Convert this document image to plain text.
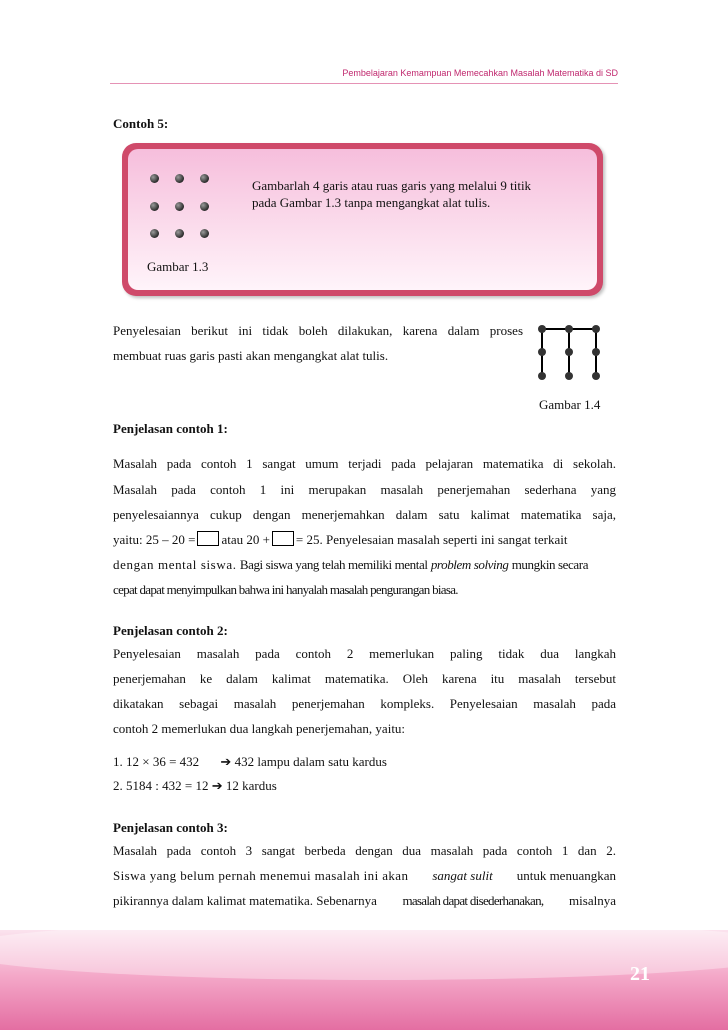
Pembelajaran Kemampuan Memecahkan Masalah Matematika di SD
Contoh 5:
Gambarlah 4 garis atau ruas garis yang melalui 9 titik
pada Gambar 1.3 tanpa mengangkat alat tulis.
Gambar 1.3
Penyelesaian berikut ini tidak boleh dilakukan, karena dalam proses
membuat ruas garis pasti akan mengangkat alat tulis.
Gambar 1.4
Penjelasan contoh 1:
Masalah pada contoh 1 sangat umum terjadi pada pelajaran matematika di sekolah.
Masalah pada contoh 1 ini merupakan masalah penerjemahan sederhana yang
penyelesaiannya cukup dengan menerjemahkan dalam satu kalimat matematika saja,
yaitu: 25 – 20 = atau 20 + = 25. Penyelesaian masalah seperti ini sangat terkait
dengan mental siswa. Bagi siswa yang telah memiliki mental problem solving mungkin secara
cepat dapat menyimpulkan bahwa ini hanyalah masalah pengurangan biasa.
Penjelasan contoh 2:
Penyelesaian masalah pada contoh 2 memerlukan paling tidak dua langkah
penerjemahan ke dalam kalimat matematika. Oleh karena itu masalah tersebut
dikatakan sebagai masalah penerjemahan kompleks. Penyelesaian masalah pada
contoh 2 memerlukan dua langkah penerjemahan, yaitu:
1. 12 × 36 = 432 ➔ 432 lampu dalam satu kardus
2. 5184 : 432 = 12 ➔ 12 kardus
Penjelasan contoh 3:
Masalah pada contoh 3 sangat berbeda dengan dua masalah pada contoh 1 dan 2.
Siswa yang belum pernah menemui masalah ini akan sangat sulit untuk menuangkan
pikirannya dalam kalimat matematika. Sebenarnya masalah dapat disederhanakan, misalnya
21
